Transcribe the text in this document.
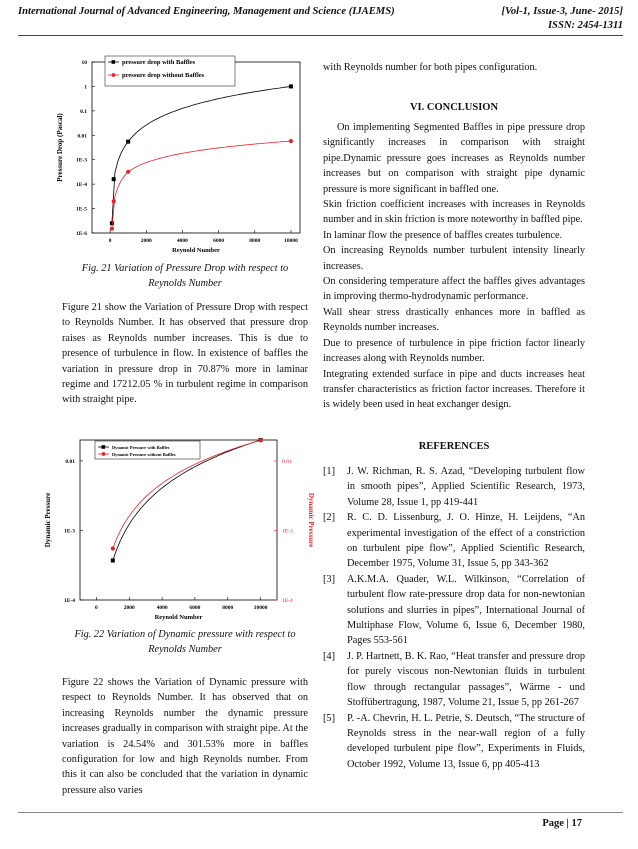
International Journal of Advanced Engineering, Management and Science (IJAEMS)	[Vol-1, Issue-3, June- 2015]
ISSN: 2454-1311
0	2000	4000	6000	8000	10000
1E-6
1E-5
1E-4
1E-3
0.01
0.1
1
10
Reynold Number
Pressure Drop (Pascal)
pressure drop with Baffles
pressure drop without Baffles
Fig. 21 Variation of Pressure Drop with respect to Reynolds Number
Figure 21 show the Variation of Pressure Drop with respect to Reynolds Number. It has observed that pressure drop raises as Reynolds number increases. This is due to presence of turbulence in flow. In existence of baffles the variation in pressure drop in 70.87% more in laminar regime and 17212.05 % in turbulent regime in comparison with straight pipe.
0	2000	4000	6000	8000	10000
1E-4
1E-3
0.01
1E-4
1E-3
0.01
Dynamic Pressure
Reynold Number
Dynamic Pressure
Dynamic Pressure with Baffles
Dynamic Pressure without Baffles
Fig. 22 Variation of Dynamic pressure with respect to Reynolds Number
Figure 22 shows the Variation of Dynamic pressure with respect to Reynolds Number. It has observed that on increasing Reynolds number the dynamic pressure increases gradually in comparison with straight pipe. At the variation is 24.54% and 301.53% more in baffles configuration for low and high Reynolds number. From this it can also be concluded that the variation in dynamic pressure also varies
with Reynolds number for both pipes configuration.
VI. CONCLUSION
On implementing Segmented Baffles in pipe pressure drop significantly increases in comparison with straight pipe.Dynamic pressure goes increases as Reynolds number increases but on comparison with straight pipe dynamic pressure is more significant in baffled one.
Skin friction coefficient increases with increases in Reynolds number and in skin friction is more noteworthy in baffled pipe.
In laminar flow the presence of baffles creates turbulence.
On increasing Reynolds number turbulent intensity linearly increases.
On considering temperature affect the baffles gives advantages in improving thermo-hydrodynamic performance.
Wall shear stress drastically enhances more in baffled as Reynolds number increases.
Due to presence of turbulence in pipe friction factor linearly increases along with Reynolds number.
Integrating extended surface in pipe and ducts increases heat transfer characteristics as friction factor increases. Therefore it is widely been used in heat exchanger design.
REFERENCES
[1] J. W. Richman, R. S. Azad, “Developing turbulent flow in smooth pipes”, Applied Scientific Research, 1973, Volume 28, Issue 1, pp 419-441
[2] R. C. D. Lissenburg, J. O. Hinze, H. Leijdens, “An experimental investigation of the effect of a constriction on turbulent pipe flow”, Applied Scientific Research, December 1975, Volume 31, Issue 5, pp 343-362
[3] A.K.M.A. Quader, W.L. Wilkinson, “Correlation of turbulent flow rate-pressure drop data for non-newtonian solutions and slurries in pipes”, International Journal of Multiphase Flow, Volume 6, Issue 6, December 1980, Pages 553-561
[4] J. P. Hartnett, B. K. Rao, “Heat transfer and pressure drop for purely viscous non-Newtonian fluids in turbulent flow through rectangular passages”, Wärme - und Stoffübertragung, 1987, Volume 21, Issue 5, pp 261-267
[5] P. -A. Chevrin, H. L. Petrie, S. Deutsch, “The structure of Reynolds stress in the near-wall region of a fully developed turbulent pipe flow”, Experiments in Fluids, October 1992, Volume 13, Issue 6, pp 405-413
Page | 17
